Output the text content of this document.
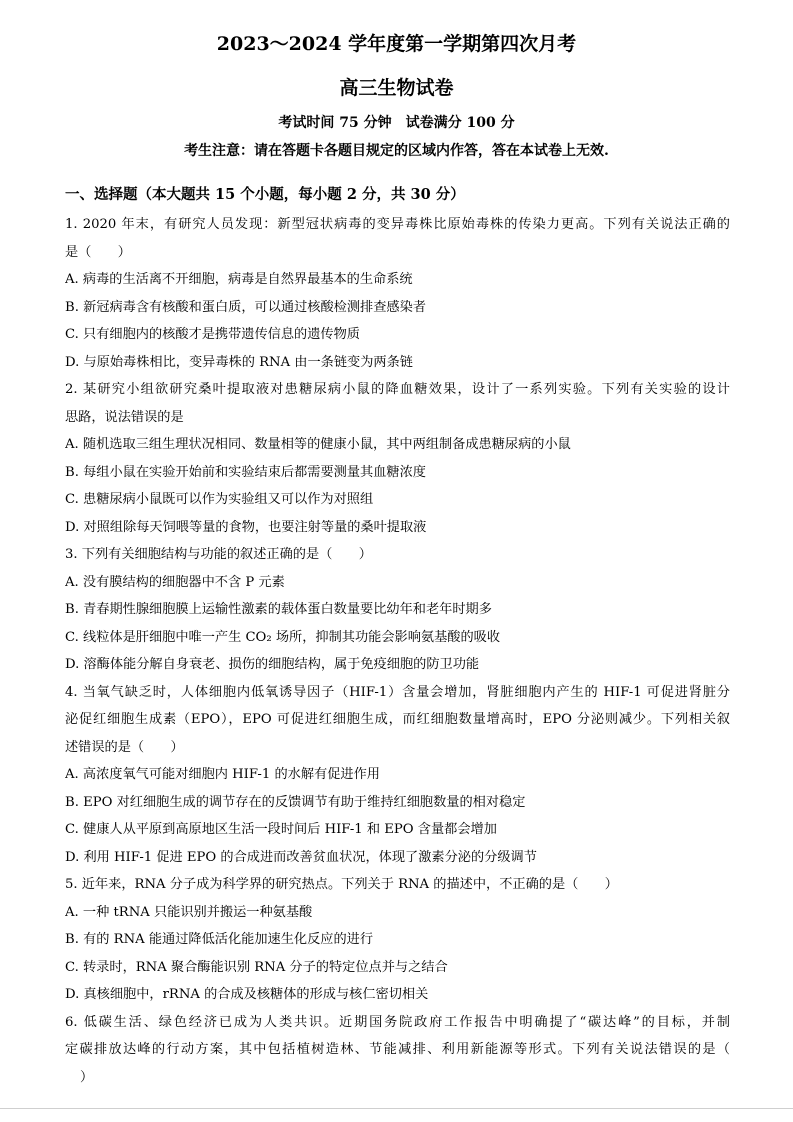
2023～2024 学年度第一学期第四次月考
高三生物试卷
考试时间 75 分钟 试卷满分 100 分
考生注意：请在答题卡各题目规定的区域内作答，答在本试卷上无效.
一、选择题（本大题共 15 个小题，每小题 2 分，共 30 分）
1. 2020 年末，有研究人员发现：新型冠状病毒的变异毒株比原始毒株的传染力更高。下列有关说法正确的
是（　　）
A. 病毒的生活离不开细胞，病毒是自然界最基本的生命系统
B. 新冠病毒含有核酸和蛋白质，可以通过核酸检测排查感染者
C. 只有细胞内的核酸才是携带遗传信息的遗传物质
D. 与原始毒株相比，变异毒株的 RNA 由一条链变为两条链
2. 某研究小组欲研究桑叶提取液对患糖尿病小鼠的降血糖效果，设计了一系列实验。下列有关实验的设计
思路，说法错误的是
A. 随机选取三组生理状况相同、数量相等的健康小鼠，其中两组制备成患糖尿病的小鼠
B. 每组小鼠在实验开始前和实验结束后都需要测量其血糖浓度
C. 患糖尿病小鼠既可以作为实验组又可以作为对照组
D. 对照组除每天饲喂等量的食物，也要注射等量的桑叶提取液
3. 下列有关细胞结构与功能的叙述正确的是（　　）
A. 没有膜结构的细胞器中不含 P 元素
B. 青春期性腺细胞膜上运输性激素的载体蛋白数量要比幼年和老年时期多
C. 线粒体是肝细胞中唯一产生 CO₂ 场所，抑制其功能会影响氨基酸的吸收
D. 溶酶体能分解自身衰老、损伤的细胞结构，属于免疫细胞的防卫功能
4. 当氧气缺乏时，人体细胞内低氧诱导因子（HIF-1）含量会增加，肾脏细胞内产生的 HIF-1 可促进肾脏分
泌促红细胞生成素（EPO），EPO 可促进红细胞生成，而红细胞数量增高时，EPO 分泌则减少。下列相关叙
述错误的是（　　）
A. 高浓度氧气可能对细胞内 HIF-1 的水解有促进作用
B. EPO 对红细胞生成的调节存在的反馈调节有助于维持红细胞数量的相对稳定
C. 健康人从平原到高原地区生活一段时间后 HIF-1 和 EPO 含量都会增加
D. 利用 HIF-1 促进 EPO 的合成进而改善贫血状况，体现了激素分泌的分级调节
5. 近年来，RNA 分子成为科学界的研究热点。下列关于 RNA 的描述中，不正确的是（　　）
A. 一种 tRNA 只能识别并搬运一种氨基酸
B. 有的 RNA 能通过降低活化能加速生化反应的进行
C. 转录时，RNA 聚合酶能识别 RNA 分子的特定位点并与之结合
D. 真核细胞中，rRNA 的合成及核糖体的形成与核仁密切相关
6. 低碳生活、绿色经济已成为人类共识。近期国务院政府工作报告中明确提了“碳达峰”的目标，并制
定碳排放达峰的行动方案，其中包括植树造林、节能减排、利用新能源等形式。下列有关说法错误的是（
）
